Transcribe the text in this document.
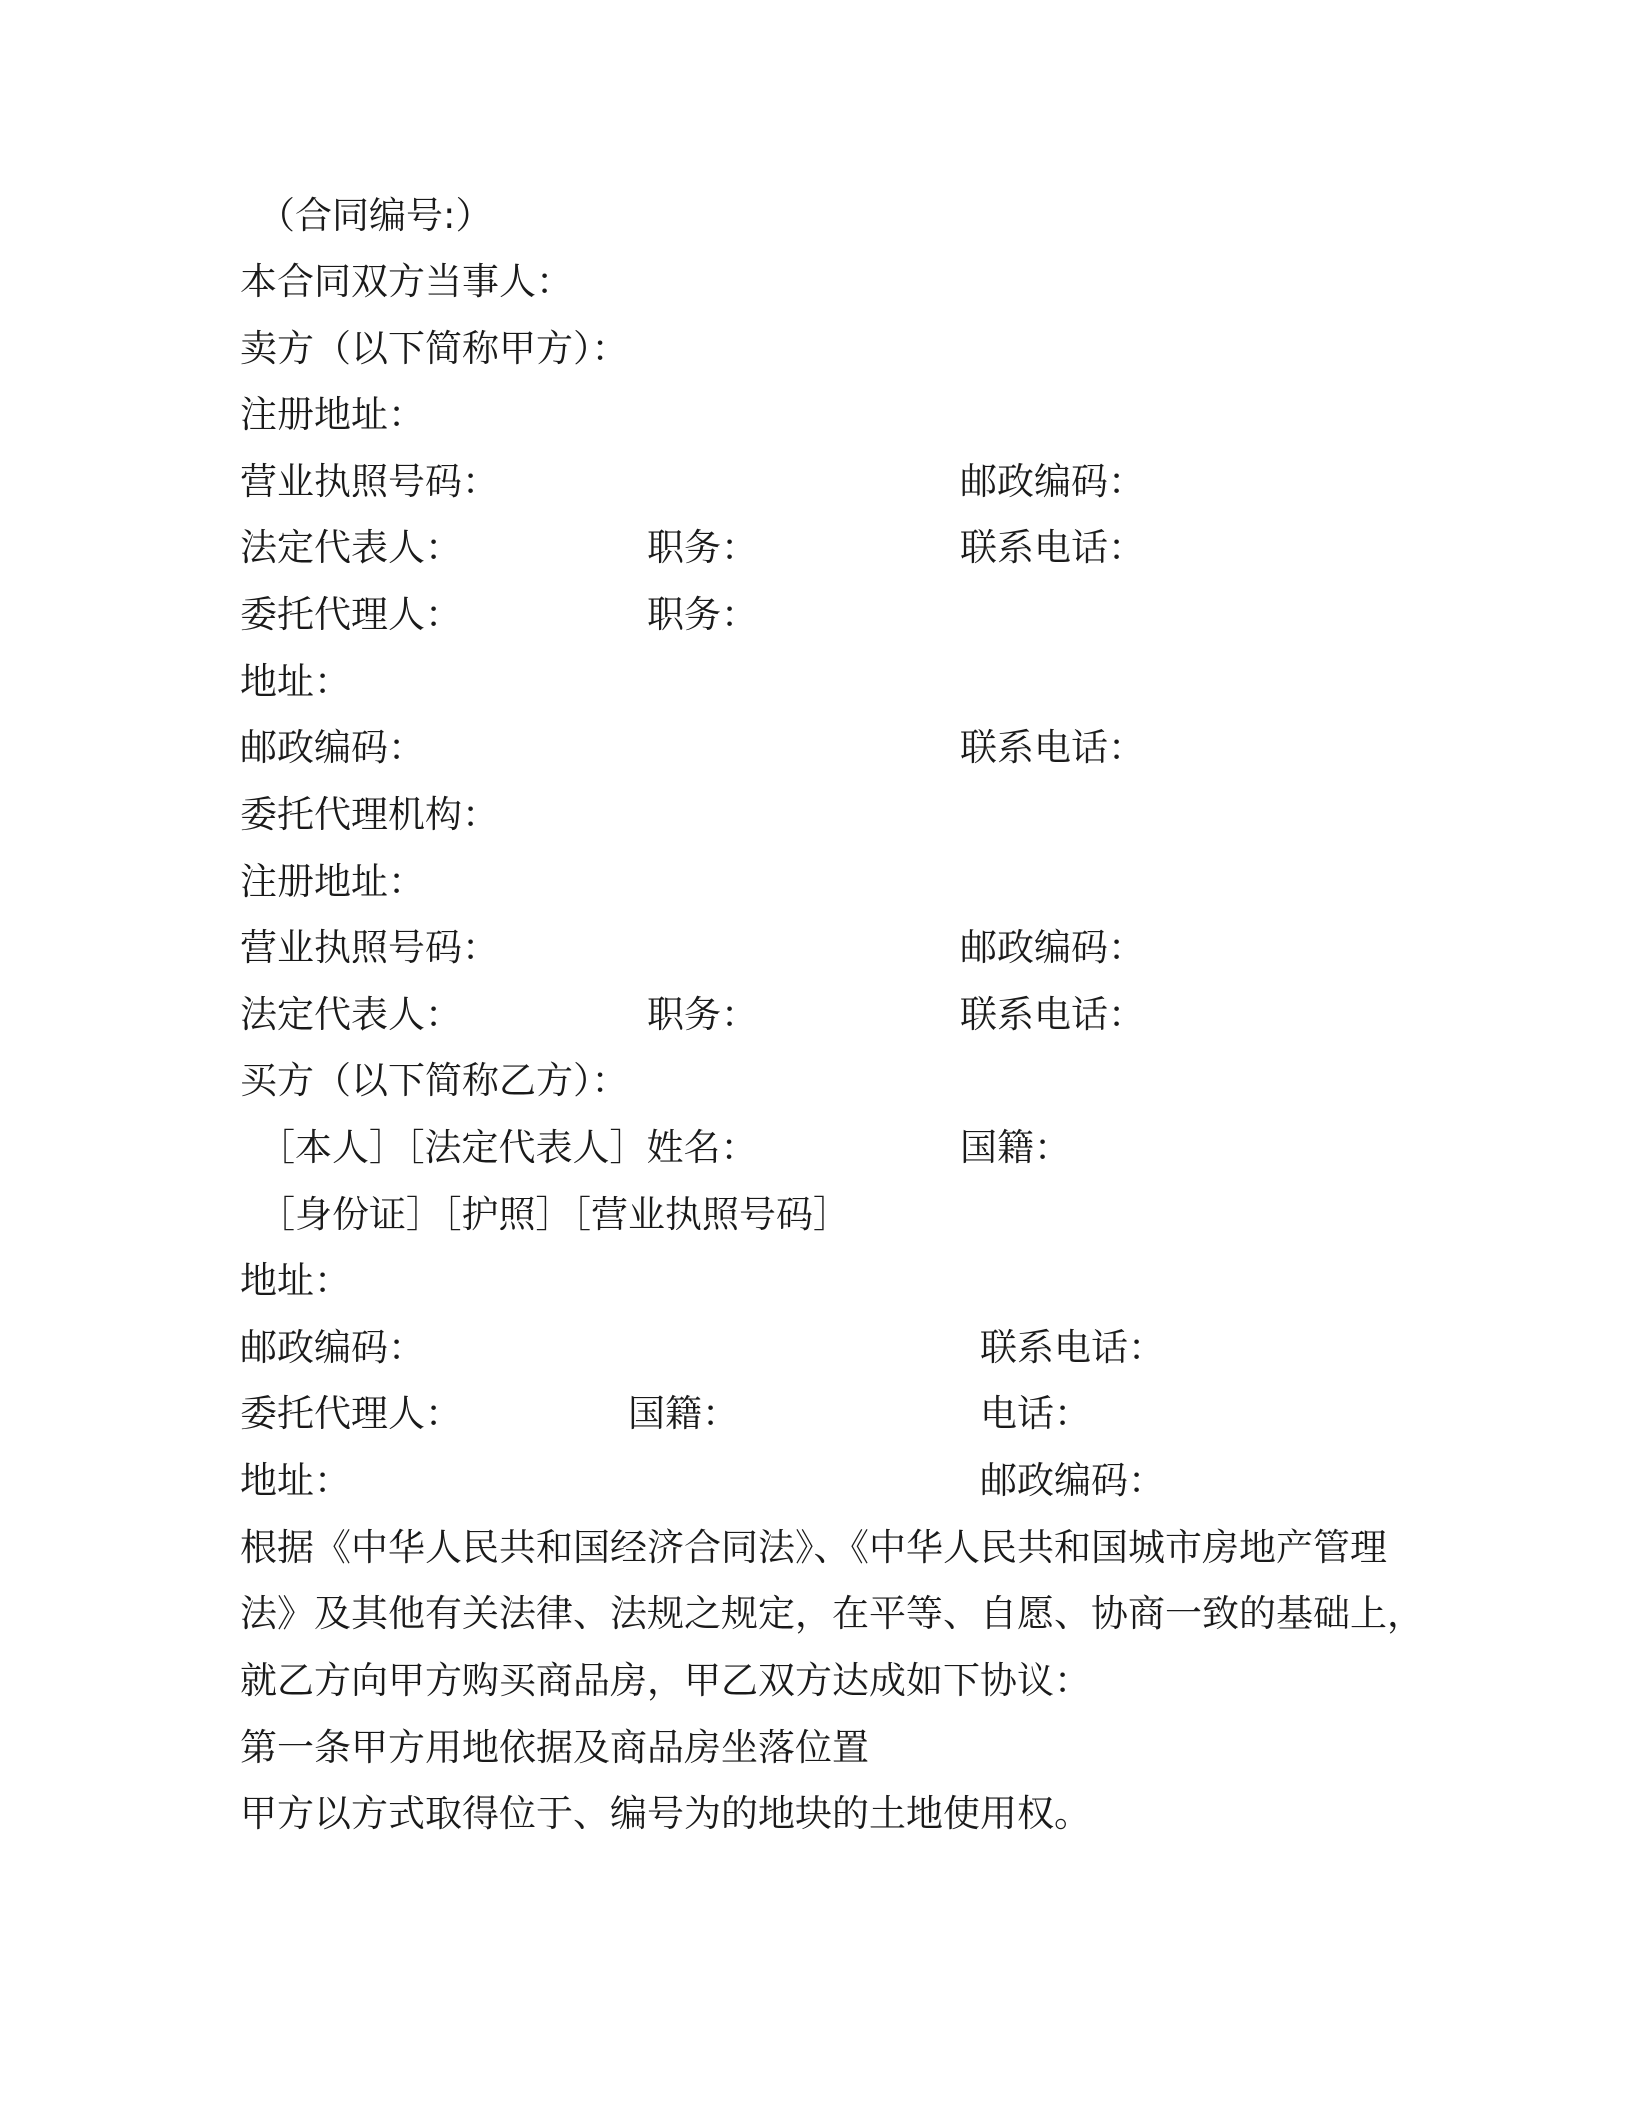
（合同编号:）
本合同双方当事人：
卖方（以下简称甲方）：
注册地址：
营业执照号码：	邮政编码：
法定代表人：	职务：	联系电话：
委托代理人：	职务：
地址：
邮政编码：	联系电话：
委托代理机构：
注册地址：
营业执照号码：	邮政编码：
法定代表人：	职务：	联系电话：
买方（以下简称乙方）：
［本人］［法定代表人］姓名：	国籍：
［身份证］［护照］［营业执照号码］
地址：
邮政编码：	联系电话：
委托代理人：	国籍：	电话：
地址：	邮政编码：
根据《中华人民共和国经济合同法》、《中华人民共和国城市房地产管理
法》及其他有关法律、法规之规定，在平等、自愿、协商一致的基础上，
就乙方向甲方购买商品房，甲乙双方达成如下协议：
第一条甲方用地依据及商品房坐落位置
甲方以方式取得位于、编号为的地块的土地使用权。
